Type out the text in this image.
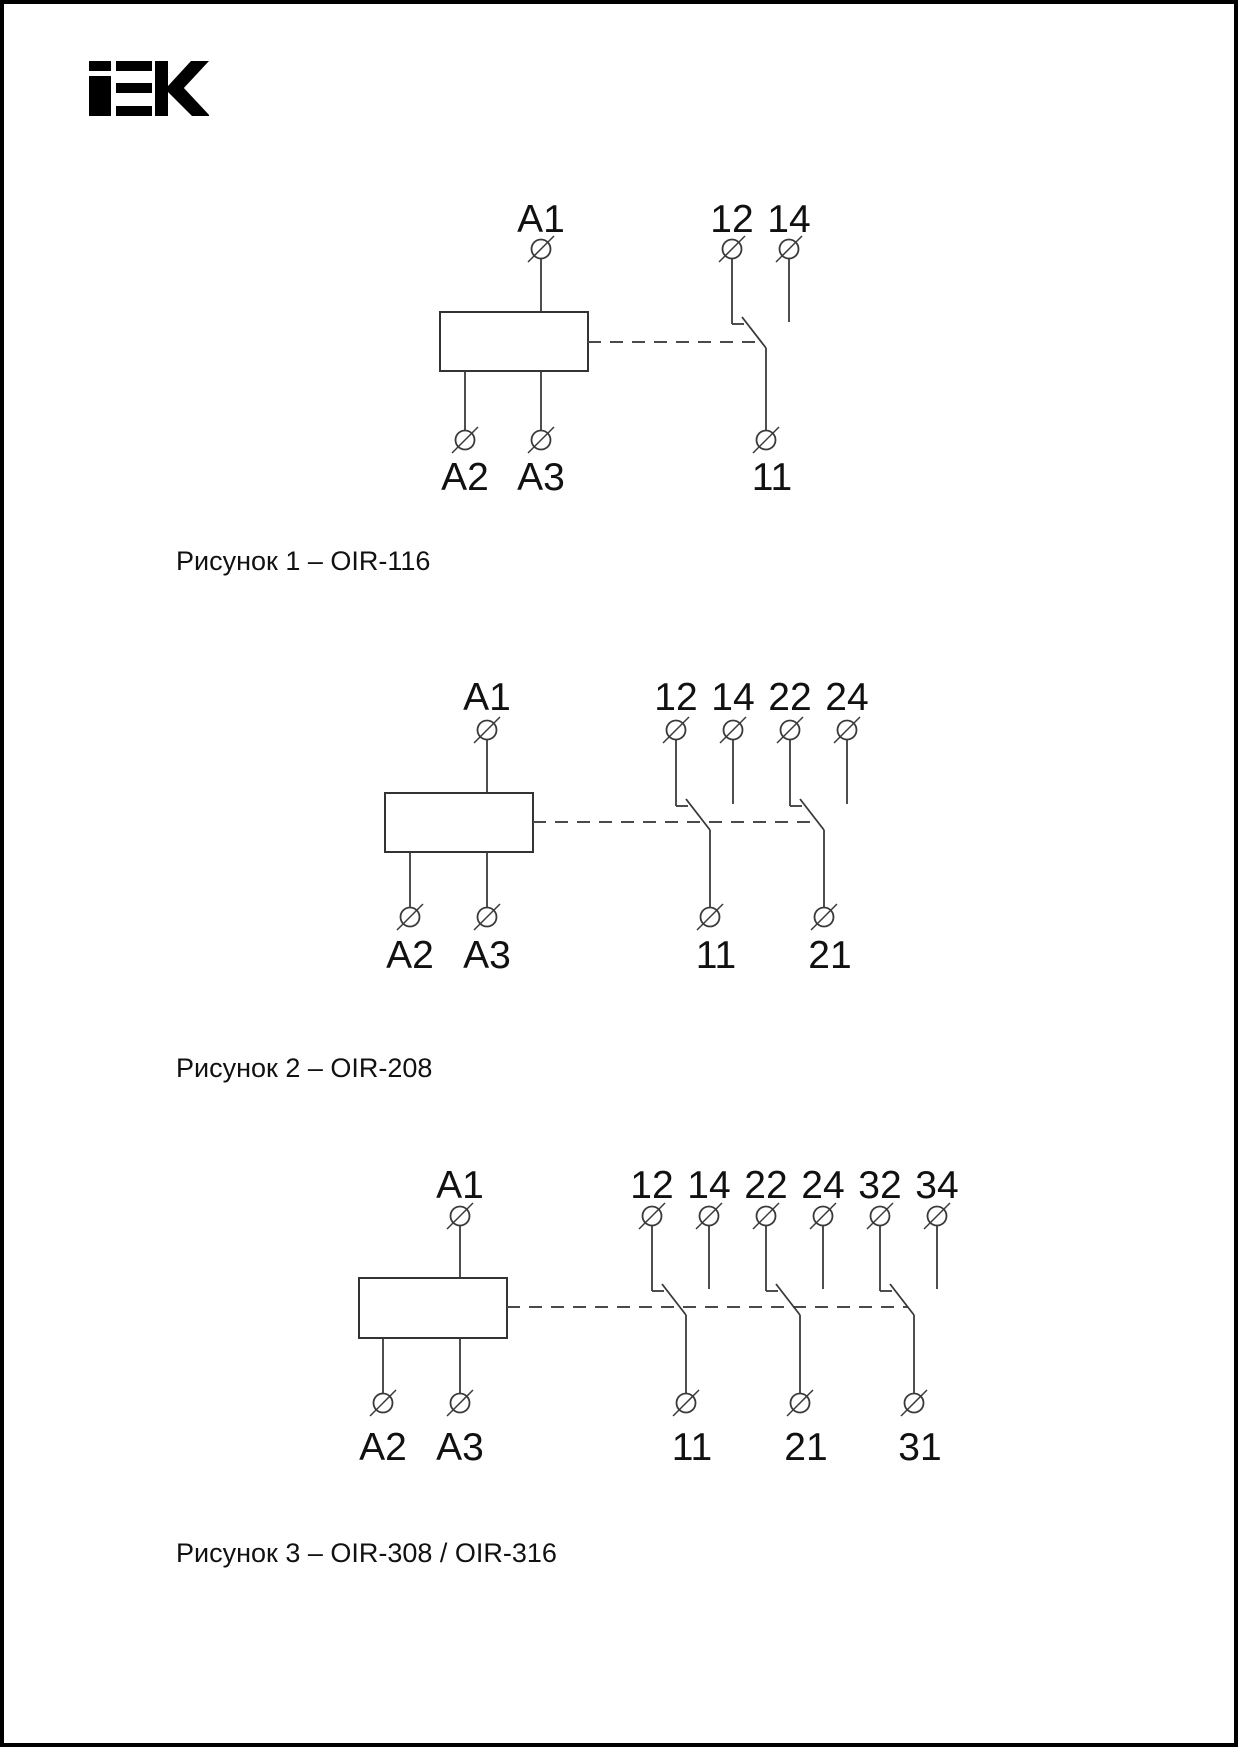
A1
A2 A3
12 14
11
Рисунок 1 – OIR-116
A1
A2 A3
12 14
11
22 24
21
Рисунок 2 – OIR-208
A1
A2 A3
12 14
11
22 24
21
32 34
31
Рисунок 3 – OIR-308 / OIR-316
